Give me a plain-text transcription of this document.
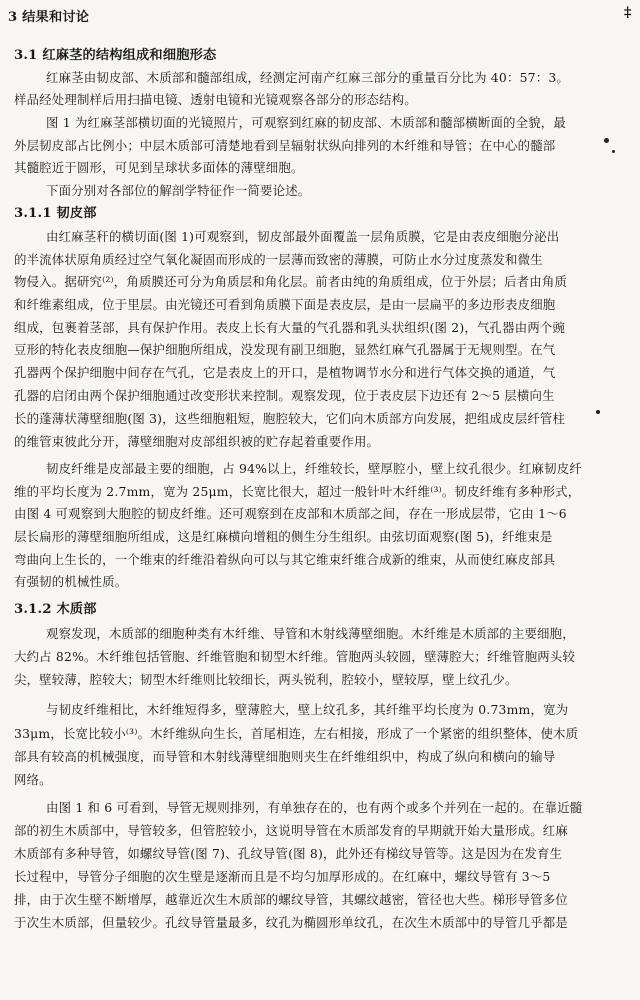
‡
3 结果和讨论
3.1 红麻茎的结构组成和细胞形态
红麻茎由韧皮部、木质部和髓部组成，经测定河南产红麻三部分的重量百分比为 40：57：3。
样品经处理制样后用扫描电镜、透射电镜和光镜观察各部分的形态结构。
图 1 为红麻茎部横切面的光镜照片，可观察到红麻的韧皮部、木质部和髓部横断面的全貌，最
外层韧皮部占比例小；中层木质部可清楚地看到呈辐射状纵向排列的木纤维和导管；在中心的髓部
其髓腔近于圆形，可见到呈球状多面体的薄壁细胞。
下面分别对各部位的解剖学特征作一简要论述。
3.1.1 韧皮部
由红麻茎秆的横切面(图 1)可观察到，韧皮部最外面覆盖一层角质膜，它是由表皮细胞分泌出
的半流体状原角质经过空气氧化凝固而形成的一层薄而致密的薄膜，可防止水分过度蒸发和微生
物侵入。据研究⁽²⁾，角质膜还可分为角质层和角化层。前者由纯的角质组成，位于外层；后者由角质
和纤维素组成，位于里层。由光镜还可看到角质膜下面是表皮层，是由一层扁平的多边形表皮细胞
组成，包裹着茎部，具有保护作用。表皮上长有大量的气孔器和乳头状组织(图 2)，气孔器由两个豌
豆形的特化表皮细胞—保护细胞所组成，没发现有副卫细胞，显然红麻气孔器属于无规则型。在气
孔器两个保护细胞中间存在气孔，它是表皮上的开口，是植物调节水分和进行气体交换的通道，气
孔器的启闭由两个保护细胞通过改变形状来控制。观察发现，位于表皮层下边还有 2～5 层横向生
长的蓬薄状薄壁细胞(图 3)，这些细胞粗短，胞腔较大，它们向木质部方向发展，把组成皮层纤管柱
的维管束彼此分开，薄壁细胞对皮部组织被的贮存起着重要作用。
韧皮纤维是皮部最主要的细胞，占 94%以上，纤维较长，壁厚腔小，壁上纹孔很少。红麻韧皮纤
维的平均长度为 2.7mm，宽为 25μm，长宽比很大，超过一般针叶木纤维⁽³⁾。韧皮纤维有多种形式，
由图 4 可观察到大胞腔的韧皮纤维。还可观察到在皮部和木质部之间，存在一形成层带，它由 1～6
层长扁形的薄壁细胞所组成，这是红麻横向增粗的侧生分生组织。由弦切面观察(图 5)，纤维束是
弯曲向上生长的，一个维束的纤维沿着纵向可以与其它维束纤维合成新的维束，从而使红麻皮部具
有强韧的机械性质。
3.1.2 木质部
观察发现，木质部的细胞种类有木纤维、导管和木射线薄壁细胞。木纤维是木质部的主要细胞，
大约占 82%。木纤维包括管胞、纤维管胞和韧型木纤维。管胞两头较圆，壁薄腔大；纤维管胞两头较
尖，壁较薄，腔较大；韧型木纤维则比较细长，两头锐利，腔较小，壁较厚，壁上纹孔少。
与韧皮纤维相比，木纤维短得多，壁薄腔大，壁上纹孔多，其纤维平均长度为 0.73mm，宽为
33μm，长宽比较小⁽³⁾。木纤维纵向生长，首尾相连，左右相接，形成了一个紧密的组织整体，使木质
部具有较高的机械强度，而导管和木射线薄壁细胞则夹生在纤维组织中，构成了纵向和横向的输导
网络。
由图 1 和 6 可看到，导管无规则排列，有单独存在的，也有两个或多个并列在一起的。在靠近髓
部的初生木质部中，导管较多，但管腔较小，这说明导管在木质部发育的早期就开始大量形成。红麻
木质部有多种导管，如螺纹导管(图 7)、孔纹导管(图 8)，此外还有梯纹导管等。这是因为在发育生
长过程中，导管分子细胞的次生壁是逐渐而且是不均匀加厚形成的。在红麻中，螺纹导管有 3～5
排，由于次生壁不断增厚，越靠近次生木质部的螺纹导管，其螺纹越密，管径也大些。梯形导管多位
于次生木质部，但量较少。孔纹导管量最多，纹孔为椭圆形单纹孔，在次生木质部中的导管几乎都是
